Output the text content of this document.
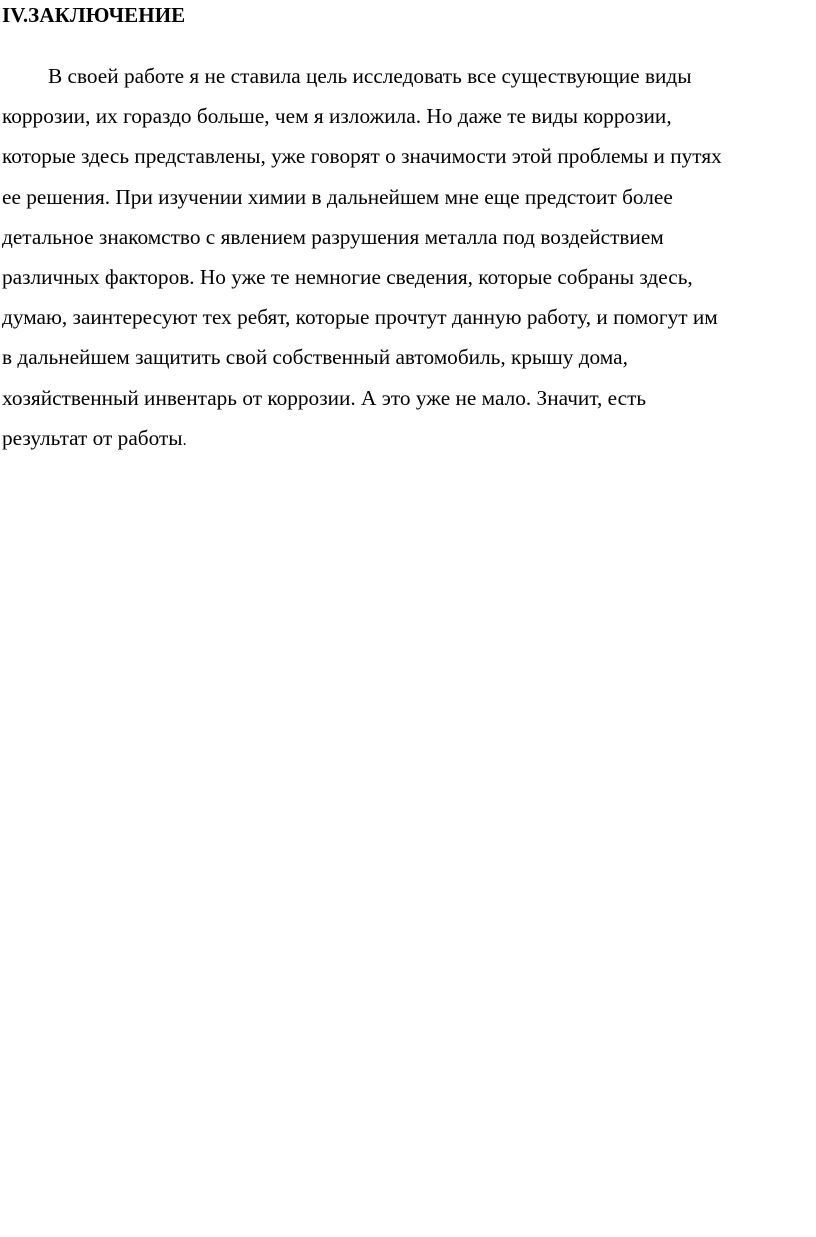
IV.ЗАКЛЮЧЕНИЕ
В своей работе я не ставила цель исследовать все существующие виды
коррозии, их гораздо больше, чем я изложила. Но даже те виды коррозии,
которые здесь представлены, уже говорят о значимости этой проблемы и путях
ее решения. При изучении химии в дальнейшем мне еще предстоит более
детальное знакомство с явлением разрушения металла под воздействием
различных факторов. Но уже те немногие сведения, которые собраны здесь,
думаю, заинтересуют тех ребят, которые прочтут данную работу, и помогут им
в дальнейшем защитить свой собственный автомобиль, крышу дома,
хозяйственный инвентарь от коррозии. А это уже не мало. Значит, есть
результат от работы.
